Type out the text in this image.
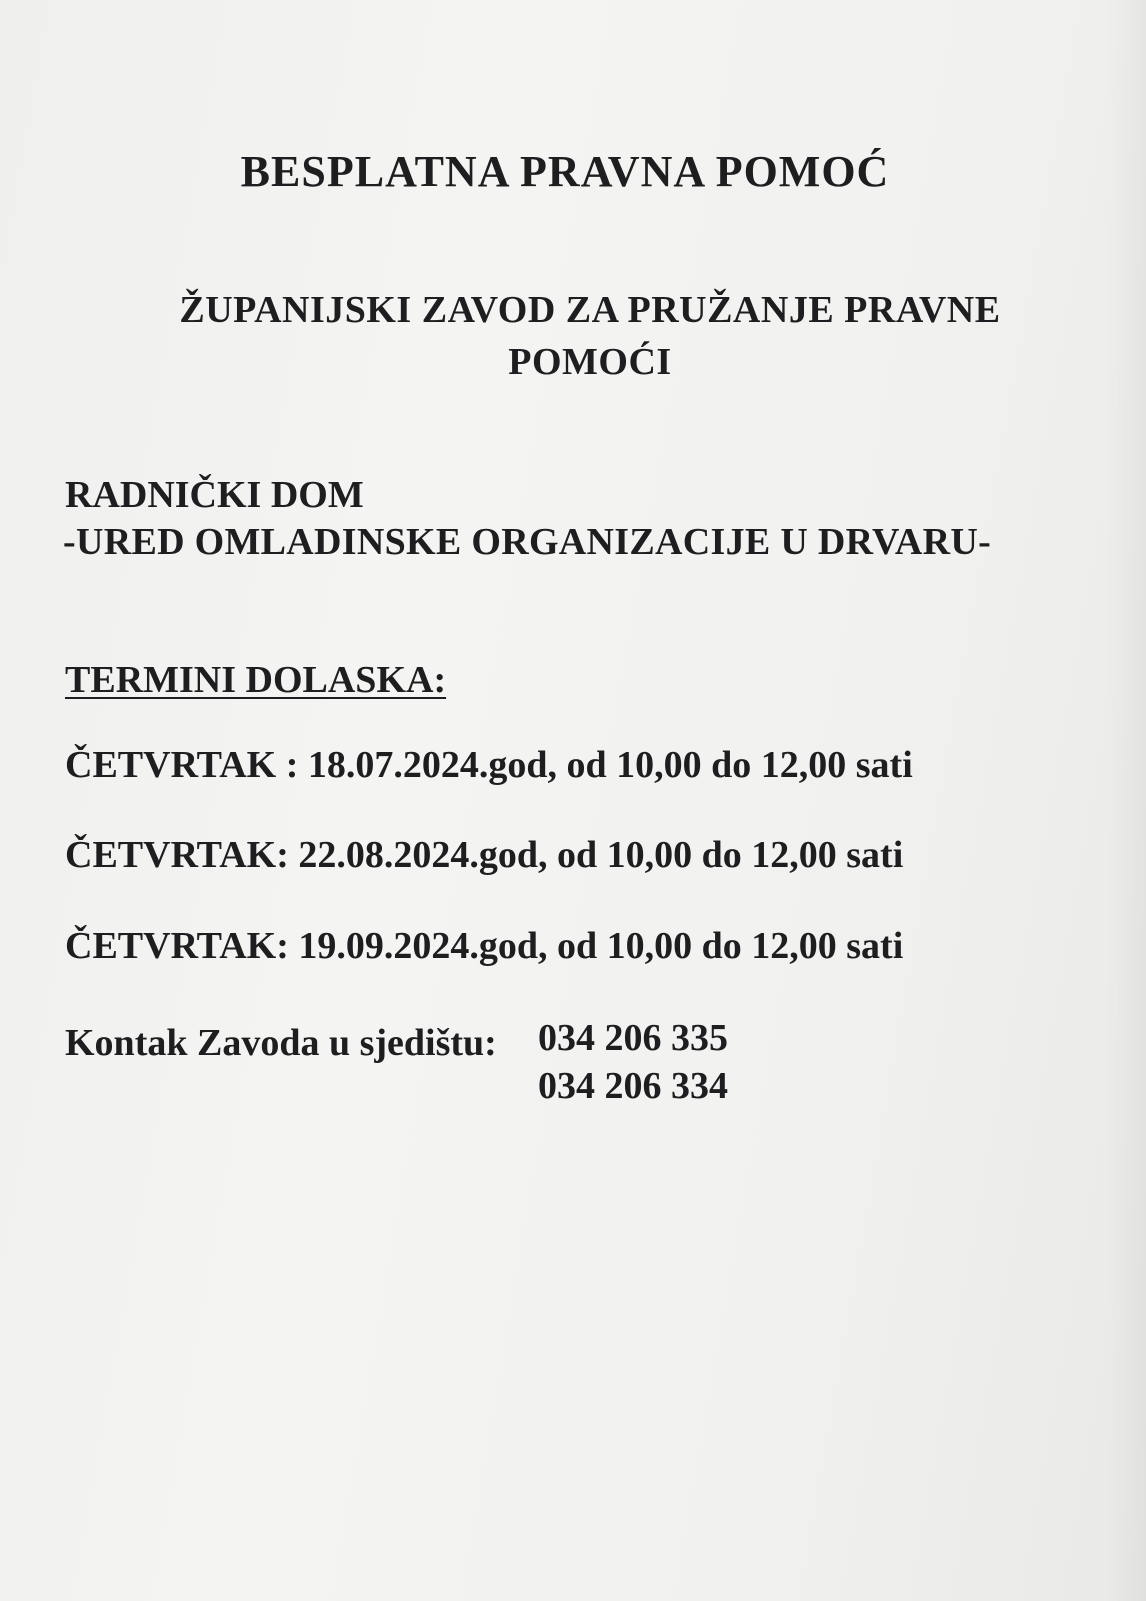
BESPLATNA PRAVNA POMOĆ

ŽUPANIJSKI ZAVOD ZA PRUŽANJE PRAVNE

POMOĆI

RADNIČKI DOM

-URED OMLADINSKE ORGANIZACIJE U DRVARU-

TERMINI DOLASKA:

ČETVRTAK : 18.07.2024.god, od 10,00 do 12,00 sati

ČETVRTAK: 22.08.2024.god, od 10,00 do 12,00 sati

ČETVRTAK: 19.09.2024.god, od 10,00 do 12,00 sati

Kontak Zavoda u sjedištu: 034 206 335

034 206 334
